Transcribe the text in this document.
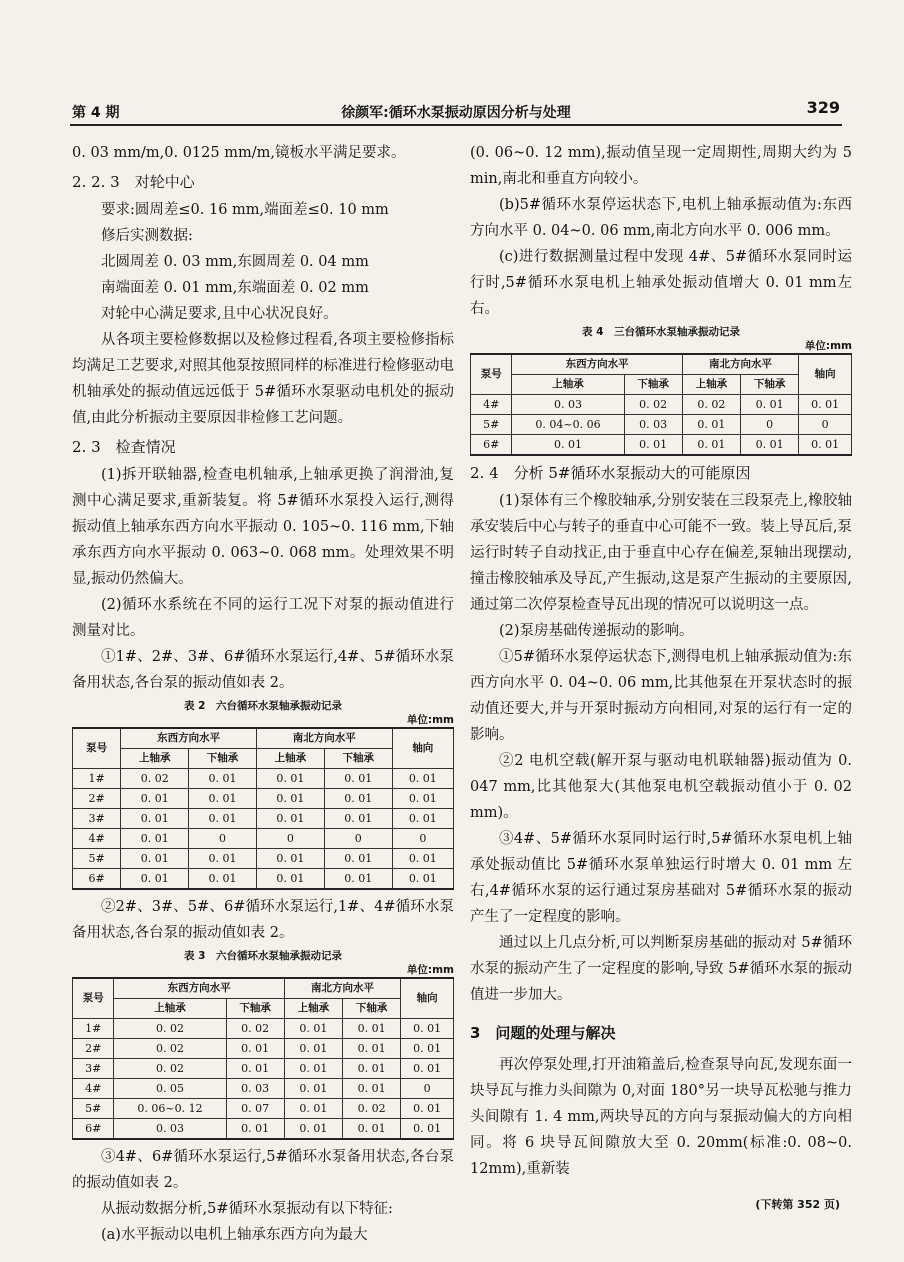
第 4 期	徐颜军:循环水泵振动原因分析与处理	329

0. 03 mm/m,0. 0125 mm/m,镜板水平满足要求。

2. 2. 3　对轮中心

要求:圆周差≤0. 16 mm,端面差≤0. 10 mm

修后实测数据:

北圆周差 0. 03 mm,东圆周差 0. 04 mm

南端面差 0. 01 mm,东端面差 0. 02 mm

对轮中心满足要求,且中心状况良好。

从各项主要检修数据以及检修过程看,各项主要检修指标均满足工艺要求,对照其他泵按照同样的标准进行检修驱动电机轴承处的振动值远远低于 5#循环水泵驱动电机处的振动值,由此分析振动主要原因非检修工艺问题。

2. 3　检查情况

(1)拆开联轴器,检查电机轴承,上轴承更换了润滑油,复测中心满足要求,重新装复。将 5#循环水泵投入运行,测得振动值上轴承东西方向水平振动 0. 105~0. 116 mm,下轴承东西方向水平振动 0. 063~0. 068 mm。处理效果不明显,振动仍然偏大。

(2)循环水系统在不同的运行工况下对泵的振动值进行测量对比。

①1#、2#、3#、6#循环水泵运行,4#、5#循环水泵备用状态,各台泵的振动值如表 2。

表 2　六台循环水泵轴承振动记录
单位:mm
泵号	东西方向水平		南北方向水平		轴向
	上轴承	下轴承	上轴承	下轴承	
1#	0. 02	0. 01	0. 01	0. 01	0. 01
2#	0. 01	0. 01	0. 01	0. 01	0. 01
3#	0. 01	0. 01	0. 01	0. 01	0. 01
4#	0. 01	0	0	0	0
5#	0. 01	0. 01	0. 01	0. 01	0. 01
6#	0. 01	0. 01	0. 01	0. 01	0. 01

②2#、3#、5#、6#循环水泵运行,1#、4#循环水泵备用状态,各台泵的振动值如表 2。

表 3　六台循环水泵轴承振动记录
单位:mm
泵号	东西方向水平		南北方向水平		轴向
	上轴承	下轴承	上轴承	下轴承	
1#	0. 02	0. 02	0. 01	0. 01	0. 01
2#	0. 02	0. 01	0. 01	0. 01	0. 01
3#	0. 02	0. 01	0. 01	0. 01	0. 01
4#	0. 05	0. 03	0. 01	0. 01	0
5#	0. 06~0. 12	0. 07	0. 01	0. 02	0. 01
6#	0. 03	0. 01	0. 01	0. 01	0. 01

③4#、6#循环水泵运行,5#循环水泵备用状态,各台泵的振动值如表 2。

从振动数据分析,5#循环水泵振动有以下特征:

(a)水平振动以电机上轴承东西方向为最大

(0. 06~0. 12 mm),振动值呈现一定周期性,周期大约为 5 min,南北和垂直方向较小。

(b)5#循环水泵停运状态下,电机上轴承振动值为:东西方向水平 0. 04~0. 06 mm,南北方向水平 0. 006 mm。

(c)进行数据测量过程中发现 4#、5#循环水泵同时运行时,5#循环水泵电机上轴承处振动值增大 0. 01 mm左右。

表 4　三台循环水泵轴承振动记录
单位:mm
泵号	东西方向水平		南北方向水平		轴向
	上轴承	下轴承	上轴承	下轴承	
4#	0. 03	0. 02	0. 02	0. 01	0. 01
5#	0. 04~0. 06	0. 03	0. 01	0	0
6#	0. 01	0. 01	0. 01	0. 01	0. 01
2. 4　分析 5#循环水泵振动大的可能原因

(1)泵体有三个橡胶轴承,分别安装在三段泵壳上,橡胶轴承安装后中心与转子的垂直中心可能不一致。装上导瓦后,泵运行时转子自动找正,由于垂直中心存在偏差,泵轴出现摆动,撞击橡胶轴承及导瓦,产生振动,这是泵产生振动的主要原因,通过第二次停泵检查导瓦出现的情况可以说明这一点。

(2)泵房基础传递振动的影响。

①5#循环水泵停运状态下,测得电机上轴承振动值为:东西方向水平 0. 04~0. 06 mm,比其他泵在开泵状态时的振动值还要大,并与开泵时振动方向相同,对泵的运行有一定的影响。

②2 电机空载(解开泵与驱动电机联轴器)振动值为 0. 047 mm,比其他泵大(其他泵电机空载振动值小于 0. 02 mm)。

③4#、5#循环水泵同时运行时,5#循环水泵电机上轴承处振动值比 5#循环水泵单独运行时增大 0. 01 mm 左右,4#循环水泵的运行通过泵房基础对 5#循环水泵的振动产生了一定程度的影响。

通过以上几点分析,可以判断泵房基础的振动对 5#循环水泵的振动产生了一定程度的影响,导致 5#循环水泵的振动值进一步加大。

3　问题的处理与解决

再次停泵处理,打开油箱盖后,检查泵导向瓦,发现东面一块导瓦与推力头间隙为 0,对面 180°另一块导瓦松驰与推力头间隙有 1. 4 mm,两块导瓦的方向与泵振动偏大的方向相同。将 6 块导瓦间隙放大至 0. 20mm(标准:0. 08~0. 12mm),重新装

(下转第 352 页)
